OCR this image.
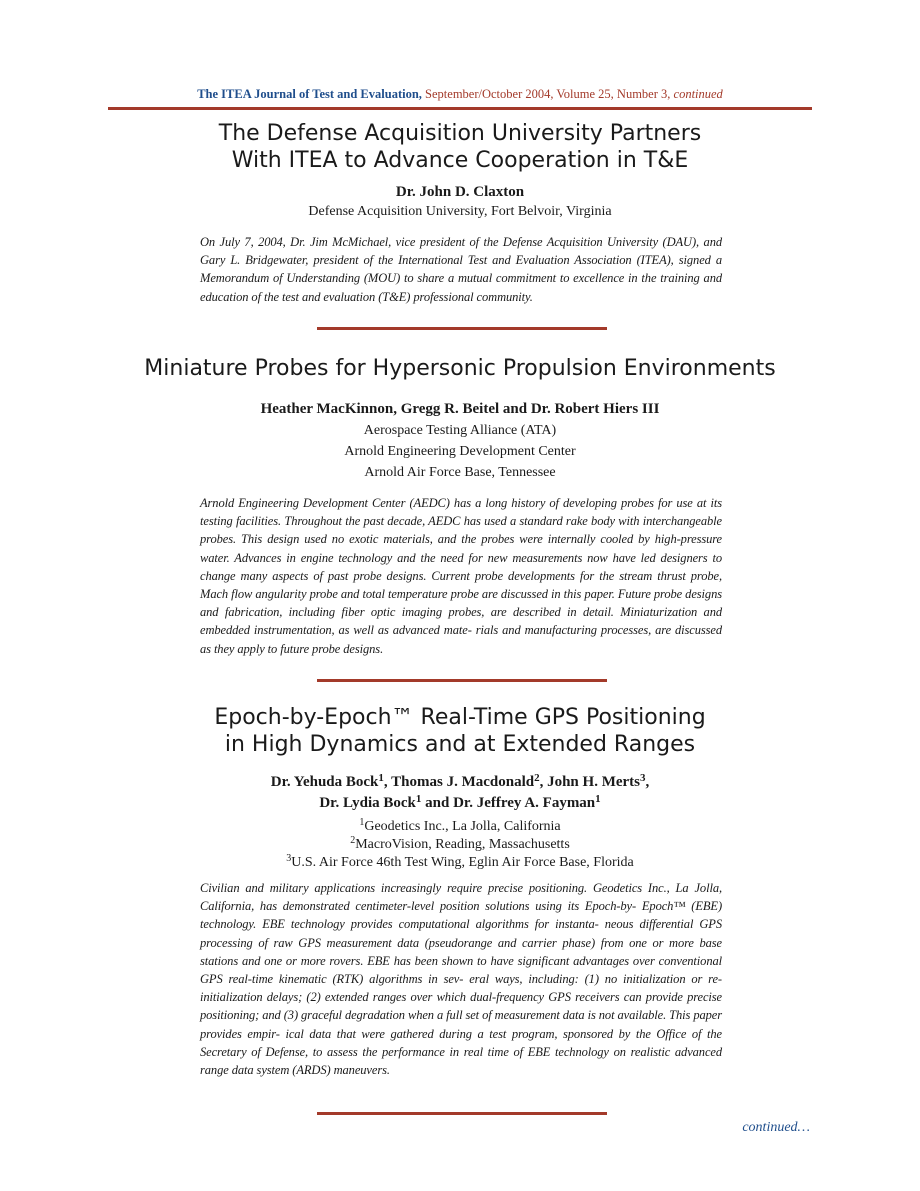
The ITEA Journal of Test and Evaluation, September/October 2004, Volume 25, Number 3, continued
The Defense Acquisition University Partners
With ITEA to Advance Cooperation in T&E
Dr. John D. Claxton
Defense Acquisition University, Fort Belvoir, Virginia
On July 7, 2004, Dr. Jim McMichael, vice president of the Defense Acquisition University (DAU), and Gary L. Bridgewater, president of the International Test and Evaluation Association (ITEA), signed a Memorandum of Understanding (MOU) to share a mutual commitment to excellence in the training and education of the test and evaluation (T&E) professional community.
Miniature Probes for Hypersonic Propulsion Environments
Heather MacKinnon, Gregg R. Beitel and Dr. Robert Hiers III
Aerospace Testing Alliance (ATA)
Arnold Engineering Development Center
Arnold Air Force Base, Tennessee
Arnold Engineering Development Center (AEDC) has a long history of developing probes for use at its testing facilities. Throughout the past decade, AEDC has used a standard rake body with interchangeable probes. This design used no exotic materials, and the probes were internally cooled by high-pressure water. Advances in engine technology and the need for new measurements now have led designers to change many aspects of past probe designs. Current probe developments for the stream thrust probe, Mach flow angularity probe and total temperature probe are discussed in this paper. Future probe designs and fabrication, including fiber optic imaging probes, are described in detail. Miniaturization and embedded instrumentation, as well as advanced mate- rials and manufacturing processes, are discussed as they apply to future probe designs.
Epoch-by-Epoch™ Real-Time GPS Positioning
in High Dynamics and at Extended Ranges
Dr. Yehuda Bock$^1$, Thomas J. Macdonald$^2$, John H. Merts$^3$,
Dr. Lydia Bock$^1$ and Dr. Jeffrey A. Fayman$^1$
$^1$Geodetics Inc., La Jolla, California
$^2$MacroVision, Reading, Massachusetts
$^3$U.S. Air Force 46th Test Wing, Eglin Air Force Base, Florida
Civilian and military applications increasingly require precise positioning. Geodetics Inc., La Jolla, California, has demonstrated centimeter-level position solutions using its Epoch-by- Epoch™ (EBE) technology. EBE technology provides computational algorithms for instanta- neous differential GPS processing of raw GPS measurement data (pseudorange and carrier phase) from one or more base stations and one or more rovers. EBE has been shown to have significant advantages over conventional GPS real-time kinematic (RTK) algorithms in sev- eral ways, including: (1) no initialization or re-initialization delays; (2) extended ranges over which dual-frequency GPS receivers can provide precise positioning; and (3) graceful degradation when a full set of measurement data is not available. This paper provides empir- ical data that were gathered during a test program, sponsored by the Office of the Secretary of Defense, to assess the performance in real time of EBE technology on realistic advanced range data system (ARDS) maneuvers.
continued…
